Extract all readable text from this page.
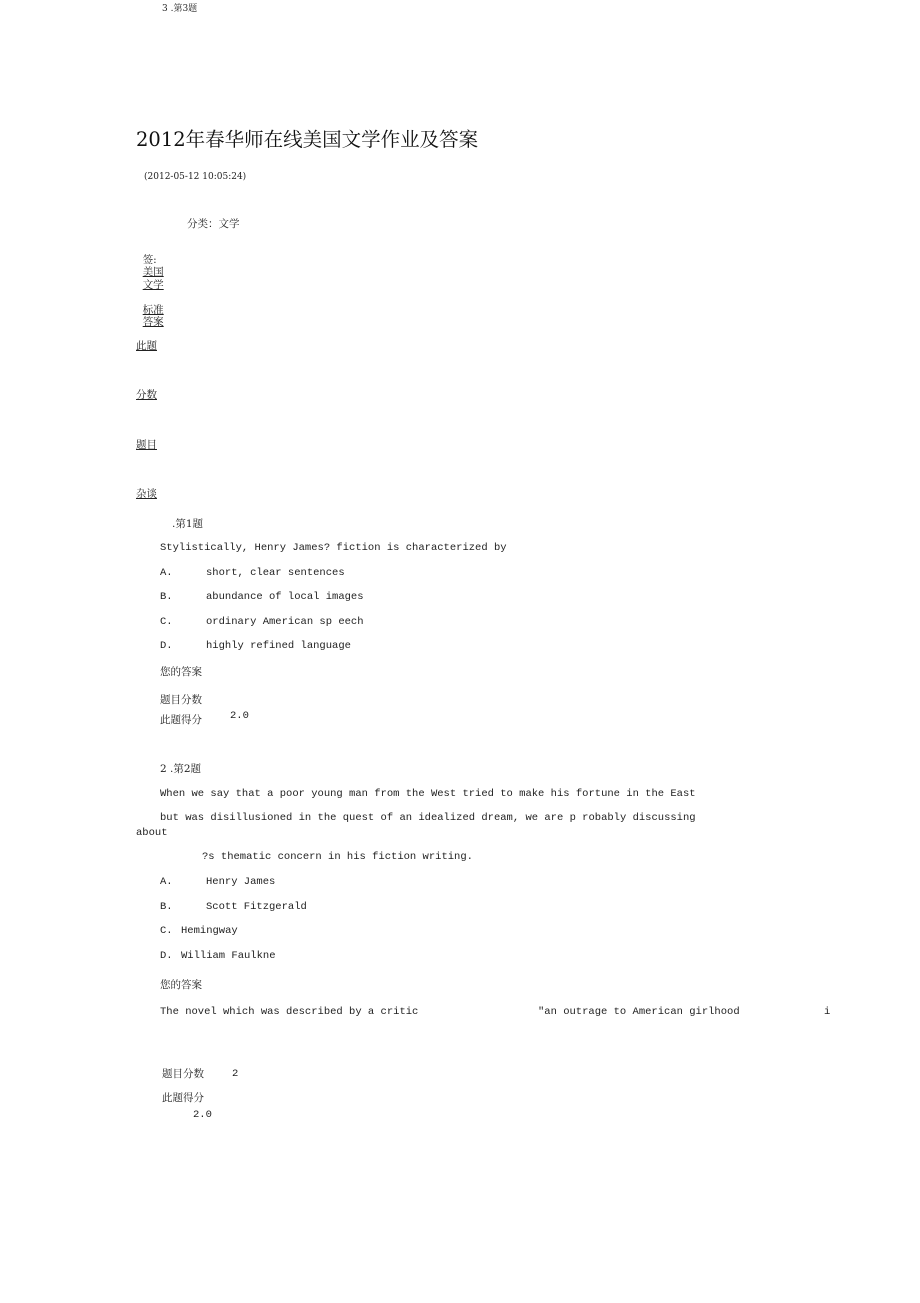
3 .第3题
2012年春华师在线美国文学作业及答案
(2012-05-12 10:05:24)
分类：文学

签:
美国
文学

标准
答案

此题
分数
题目
杂谈
.第1题
Stylistically, Henry James? fiction is characterized by
A.	short, clear sentences
B.	abundance of local images
C.	ordinary American sp eech
D.	highly refined language
您的答案
题目分数
此题得分	2.0
2 .第2题
When we say that a poor young man from the West tried to make his fortune in the East
but was disillusioned in the quest of an idealized dream, we are p robably discussing
about
?s thematic concern in his fiction writing.
A.	Henry James
B.	Scott Fitzgerald
C. Hemingway
D. William Faulkne
您的答案
The novel which was described by a critic	"an outrage to American girlhood	i
题目分数	2
此题得分
2.0
